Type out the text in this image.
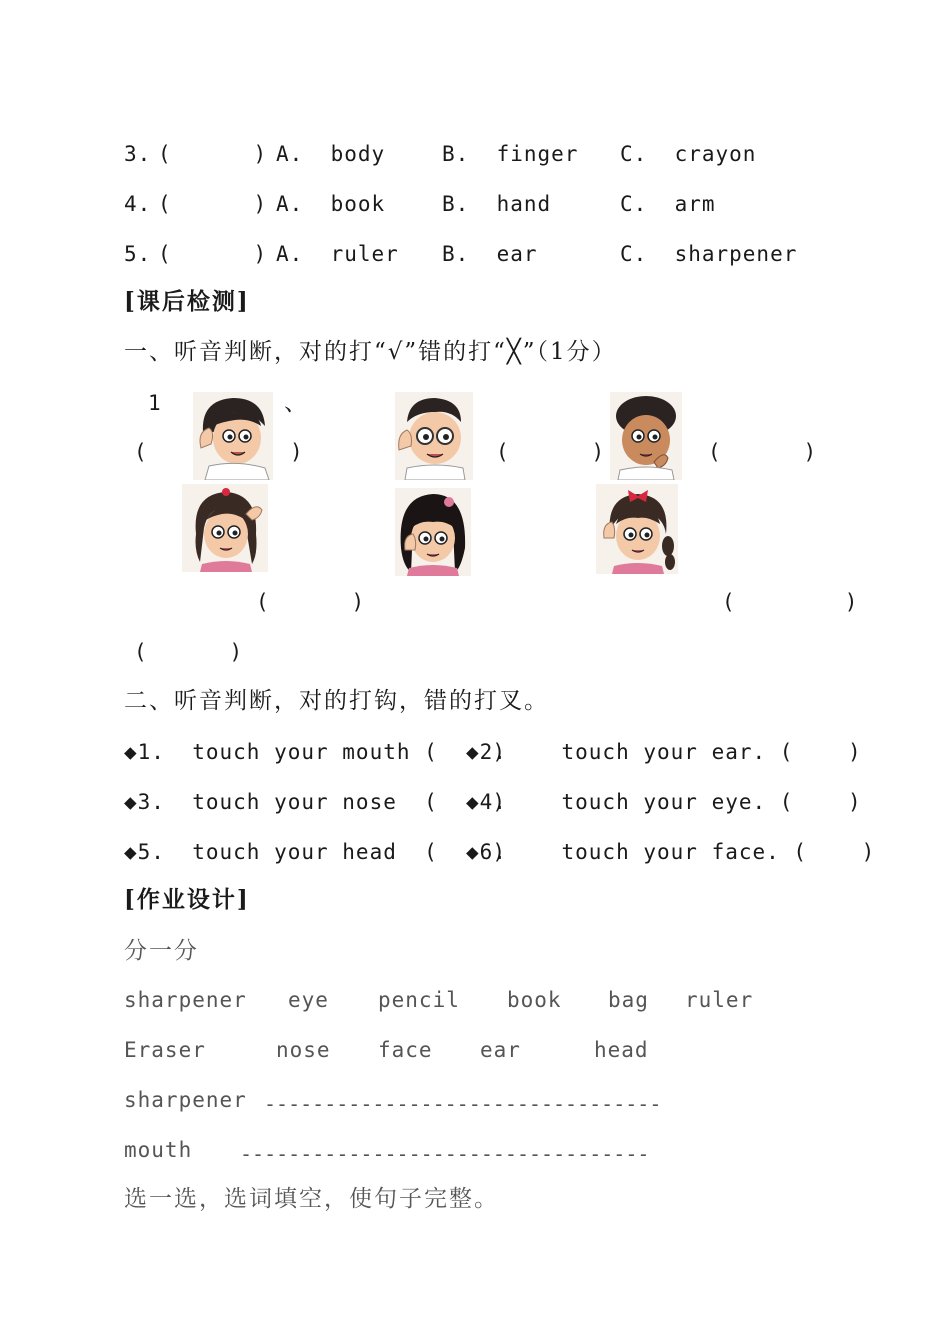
3. (      ) A.  body	B.  finger C.  crayon
4. (      ) A.  book	B.  hand	C.  arm
5. (      ) A.  ruler B.  ear	C.  sharpener
[课后检测]
一、听音判断，对的打“√”错的打“╳”（1分）
1	、
(	)	(      )	(      )
(      )	(        )
(      )
二、听音判断，对的打钩，错的打叉。
◆1.  touch your mouth (    )
◆2.    touch your ear. (    )
◆3.  touch your nose  (    )
◆4.    touch your eye. (    )
◆5.  touch your head  (    )
◆6.    touch your face. (    )
[作业设计]
分一分
sharpener eye pencil book bag ruler
Eraser	nose face ear	head
sharpener ---------------------------------
mouth ----------------------------------
选一选，选词填空，使句子完整。
